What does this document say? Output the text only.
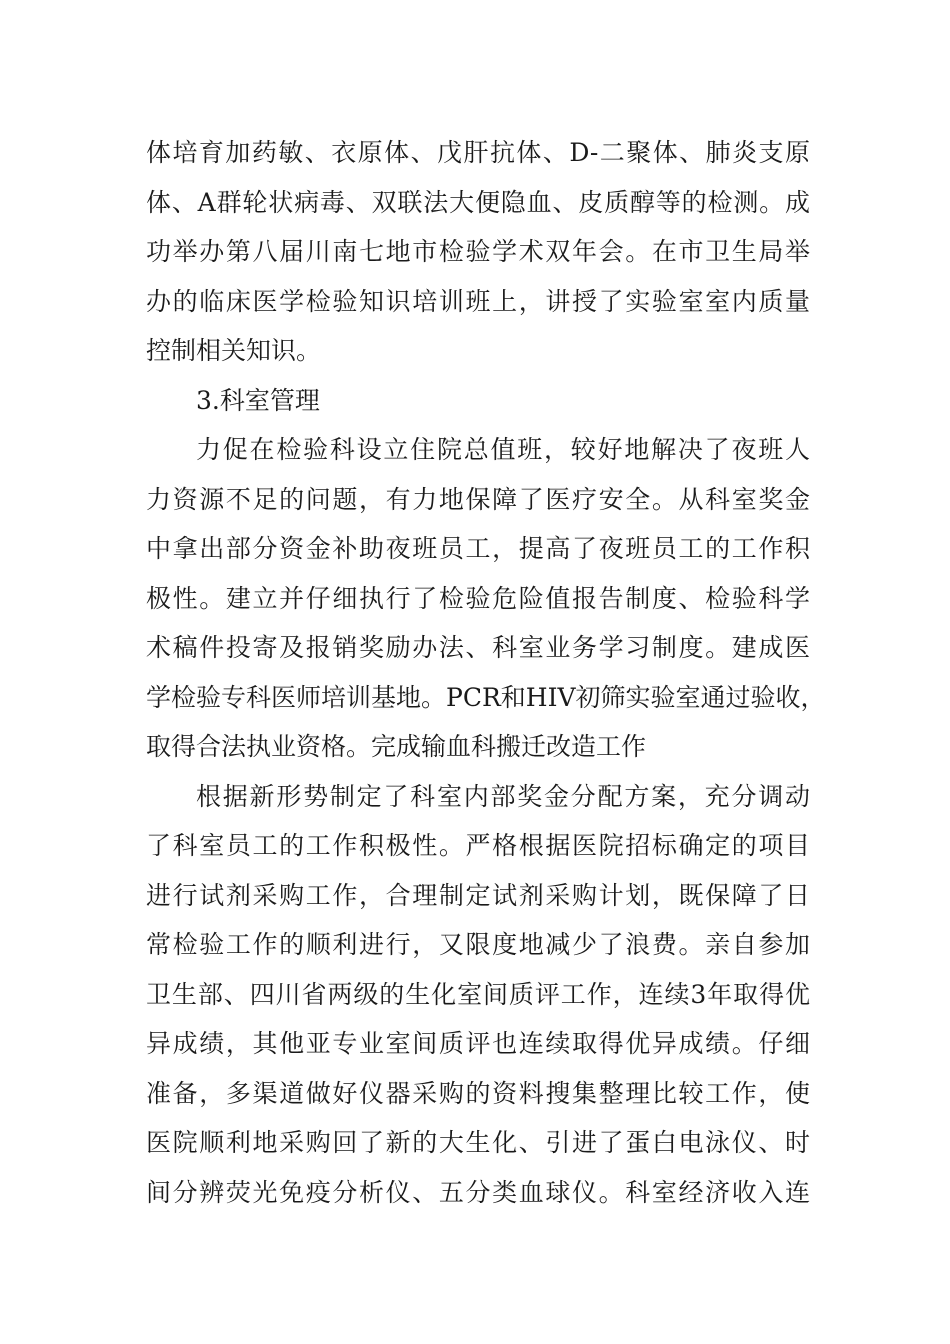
体培育加药敏、衣原体、戊肝抗体、D-二聚体、肺炎支原
体、A群轮状病毒、双联法大便隐血、皮质醇等的检测。成
功举办第八届川南七地市检验学术双年会。在市卫生局举
办的临床医学检验知识培训班上，讲授了实验室室内质量
控制相关知识。
3.科室管理
力促在检验科设立住院总值班，较好地解决了夜班人
力资源不足的问题，有力地保障了医疗安全。从科室奖金
中拿出部分资金补助夜班员工，提高了夜班员工的工作积
极性。建立并仔细执行了检验危险值报告制度、检验科学
术稿件投寄及报销奖励办法、科室业务学习制度。建成医
学检验专科医师培训基地。PCR和HIV初筛实验室通过验收，
取得合法执业资格。完成输血科搬迁改造工作
根据新形势制定了科室内部奖金分配方案，充分调动
了科室员工的工作积极性。严格根据医院招标确定的项目
进行试剂采购工作，合理制定试剂采购计划，既保障了日
常检验工作的顺利进行，又限度地减少了浪费。亲自参加
卫生部、四川省两级的生化室间质评工作，连续3年取得优
异成绩，其他亚专业室间质评也连续取得优异成绩。仔细
准备，多渠道做好仪器采购的资料搜集整理比较工作，使
医院顺利地采购回了新的大生化、引进了蛋白电泳仪、时
间分辨荧光免疫分析仪、五分类血球仪。科室经济收入连
